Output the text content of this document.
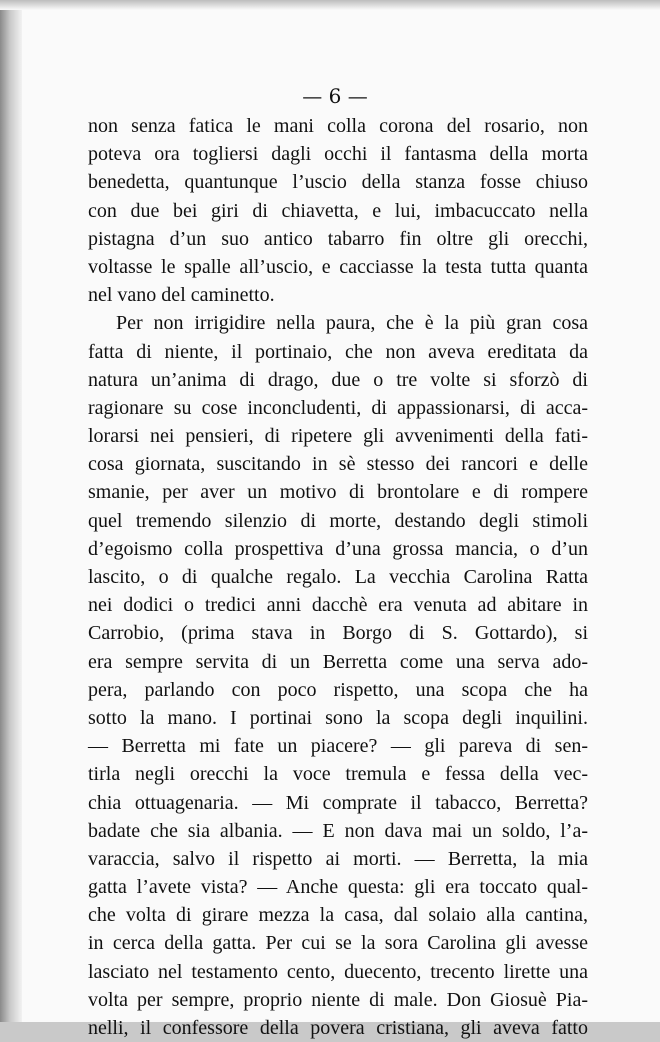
— 6 —
non senza fatica le mani colla corona del rosario, non
poteva ora togliersi dagli occhi il fantasma della morta
benedetta, quantunque l’uscio della stanza fosse chiuso
con due bei giri di chiavetta, e lui, imbacuccato nella
pistagna d’un suo antico tabarro fin oltre gli orecchi,
voltasse le spalle all’uscio, e cacciasse la testa tutta quanta
nel vano del caminetto.
Per non irrigidire nella paura, che è la più gran cosa
fatta di niente, il portinaio, che non aveva ereditata da
natura un’anima di drago, due o tre volte si sforzò di
ragionare su cose inconcludenti, di appassionarsi, di acca-
lorarsi nei pensieri, di ripetere gli avvenimenti della fati-
cosa giornata, suscitando in sè stesso dei rancori e delle
smanie, per aver un motivo di brontolare e di rompere
quel tremendo silenzio di morte, destando degli stimoli
d’egoismo colla prospettiva d’una grossa mancia, o d’un
lascito, o di qualche regalo. La vecchia Carolina Ratta
nei dodici o tredici anni dacchè era venuta ad abitare in
Carrobio, (prima stava in Borgo di S. Gottardo), si
era sempre servita di un Berretta come una serva ado-
pera, parlando con poco rispetto, una scopa che ha
sotto la mano. I portinai sono la scopa degli inquilini.
— Berretta mi fate un piacere? — gli pareva di sen-
tirla negli orecchi la voce tremula e fessa della vec-
chia ottuagenaria. — Mi comprate il tabacco, Berretta?
badate che sia albania. — E non dava mai un soldo, l’a-
varaccia, salvo il rispetto ai morti. — Berretta, la mia
gatta l’avete vista? — Anche questa: gli era toccato qual-
che volta di girare mezza la casa, dal solaio alla cantina,
in cerca della gatta. Per cui se la sora Carolina gli avesse
lasciato nel testamento cento, duecento, trecento lirette una
volta per sempre, proprio niente di male. Don Giosuè Pia-
nelli, il confessore della povera cristiana, gli aveva fatto
